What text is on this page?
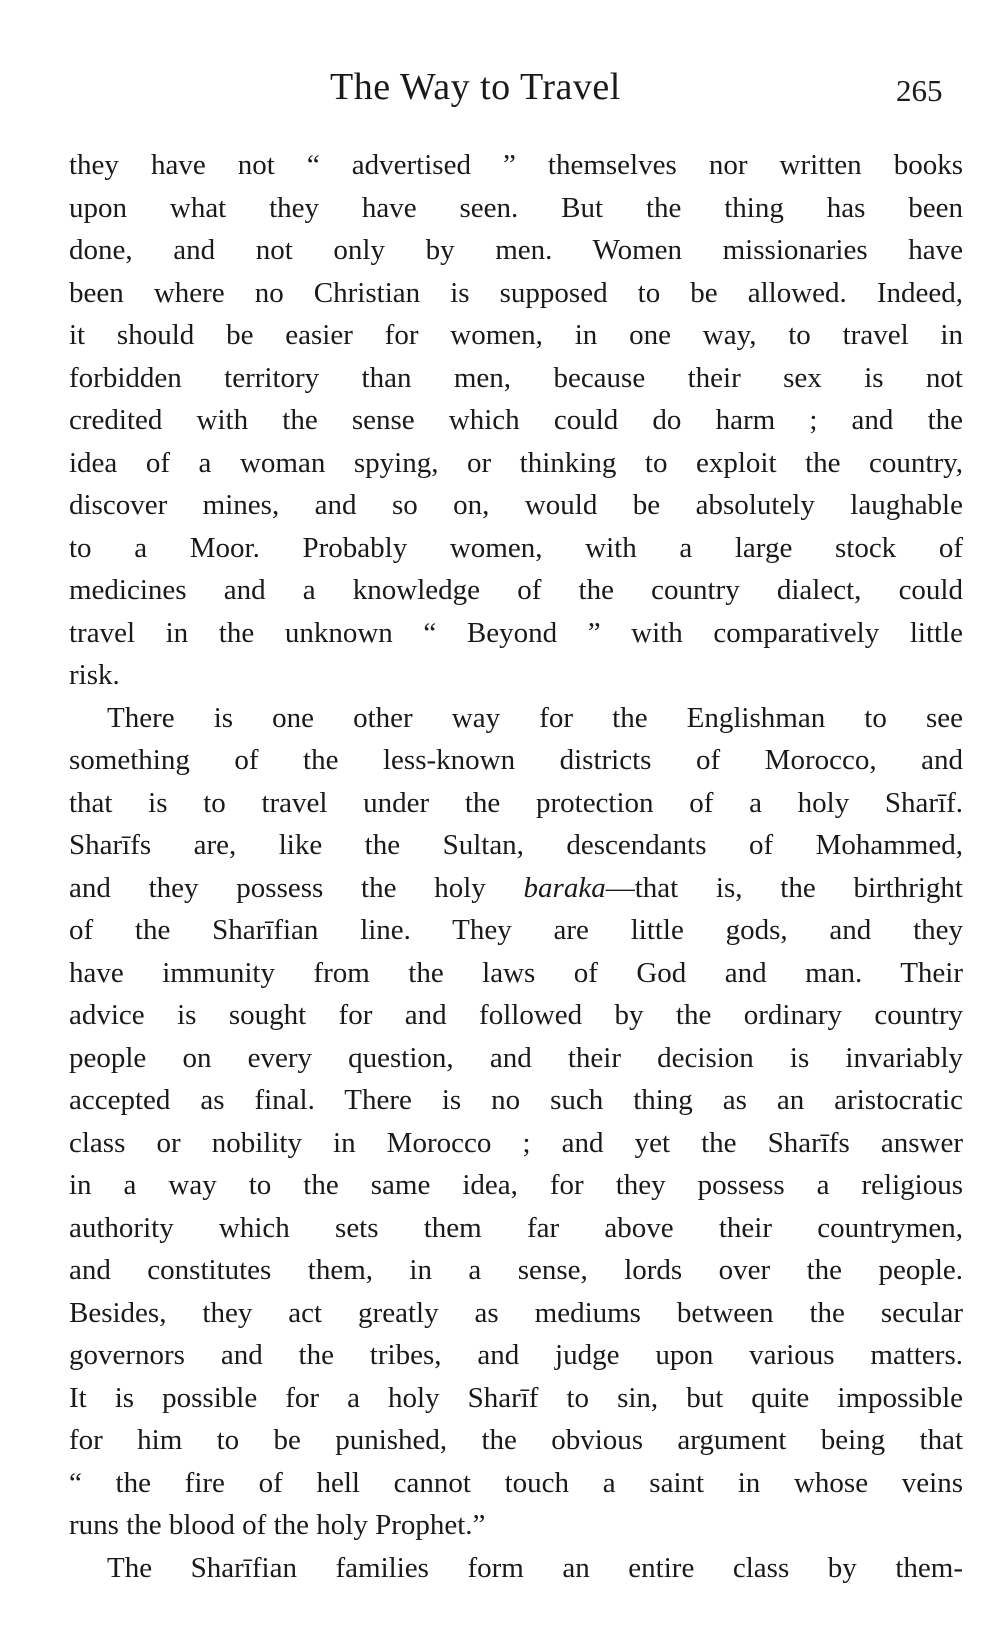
The Way to Travel	265
they have not “ advertised ” themselves nor written books
upon what they have seen. But the thing has been
done, and not only by men. Women missionaries have
been where no Christian is supposed to be allowed. Indeed,
it should be easier for women, in one way, to travel in
forbidden territory than men, because their sex is not
credited with the sense which could do harm ; and the
idea of a woman spying, or thinking to exploit the country,
discover mines, and so on, would be absolutely laughable
to a Moor. Probably women, with a large stock of
medicines and a knowledge of the country dialect, could
travel in the unknown “ Beyond ” with comparatively little
risk.
There is one other way for the Englishman to see
something of the less-known districts of Morocco, and
that is to travel under the protection of a holy Sharīf.
Sharīfs are, like the Sultan, descendants of Mohammed,
and they possess the holy baraka—that is, the birthright
of the Sharīfian line. They are little gods, and they
have immunity from the laws of God and man. Their
advice is sought for and followed by the ordinary country
people on every question, and their decision is invariably
accepted as final. There is no such thing as an aristocratic
class or nobility in Morocco ; and yet the Sharīfs answer
in a way to the same idea, for they possess a religious
authority which sets them far above their countrymen,
and constitutes them, in a sense, lords over the people.
Besides, they act greatly as mediums between the secular
governors and the tribes, and judge upon various matters.
It is possible for a holy Sharīf to sin, but quite impossible
for him to be punished, the obvious argument being that
“ the fire of hell cannot touch a saint in whose veins
runs the blood of the holy Prophet.”
The Sharīfian families form an entire class by them-
